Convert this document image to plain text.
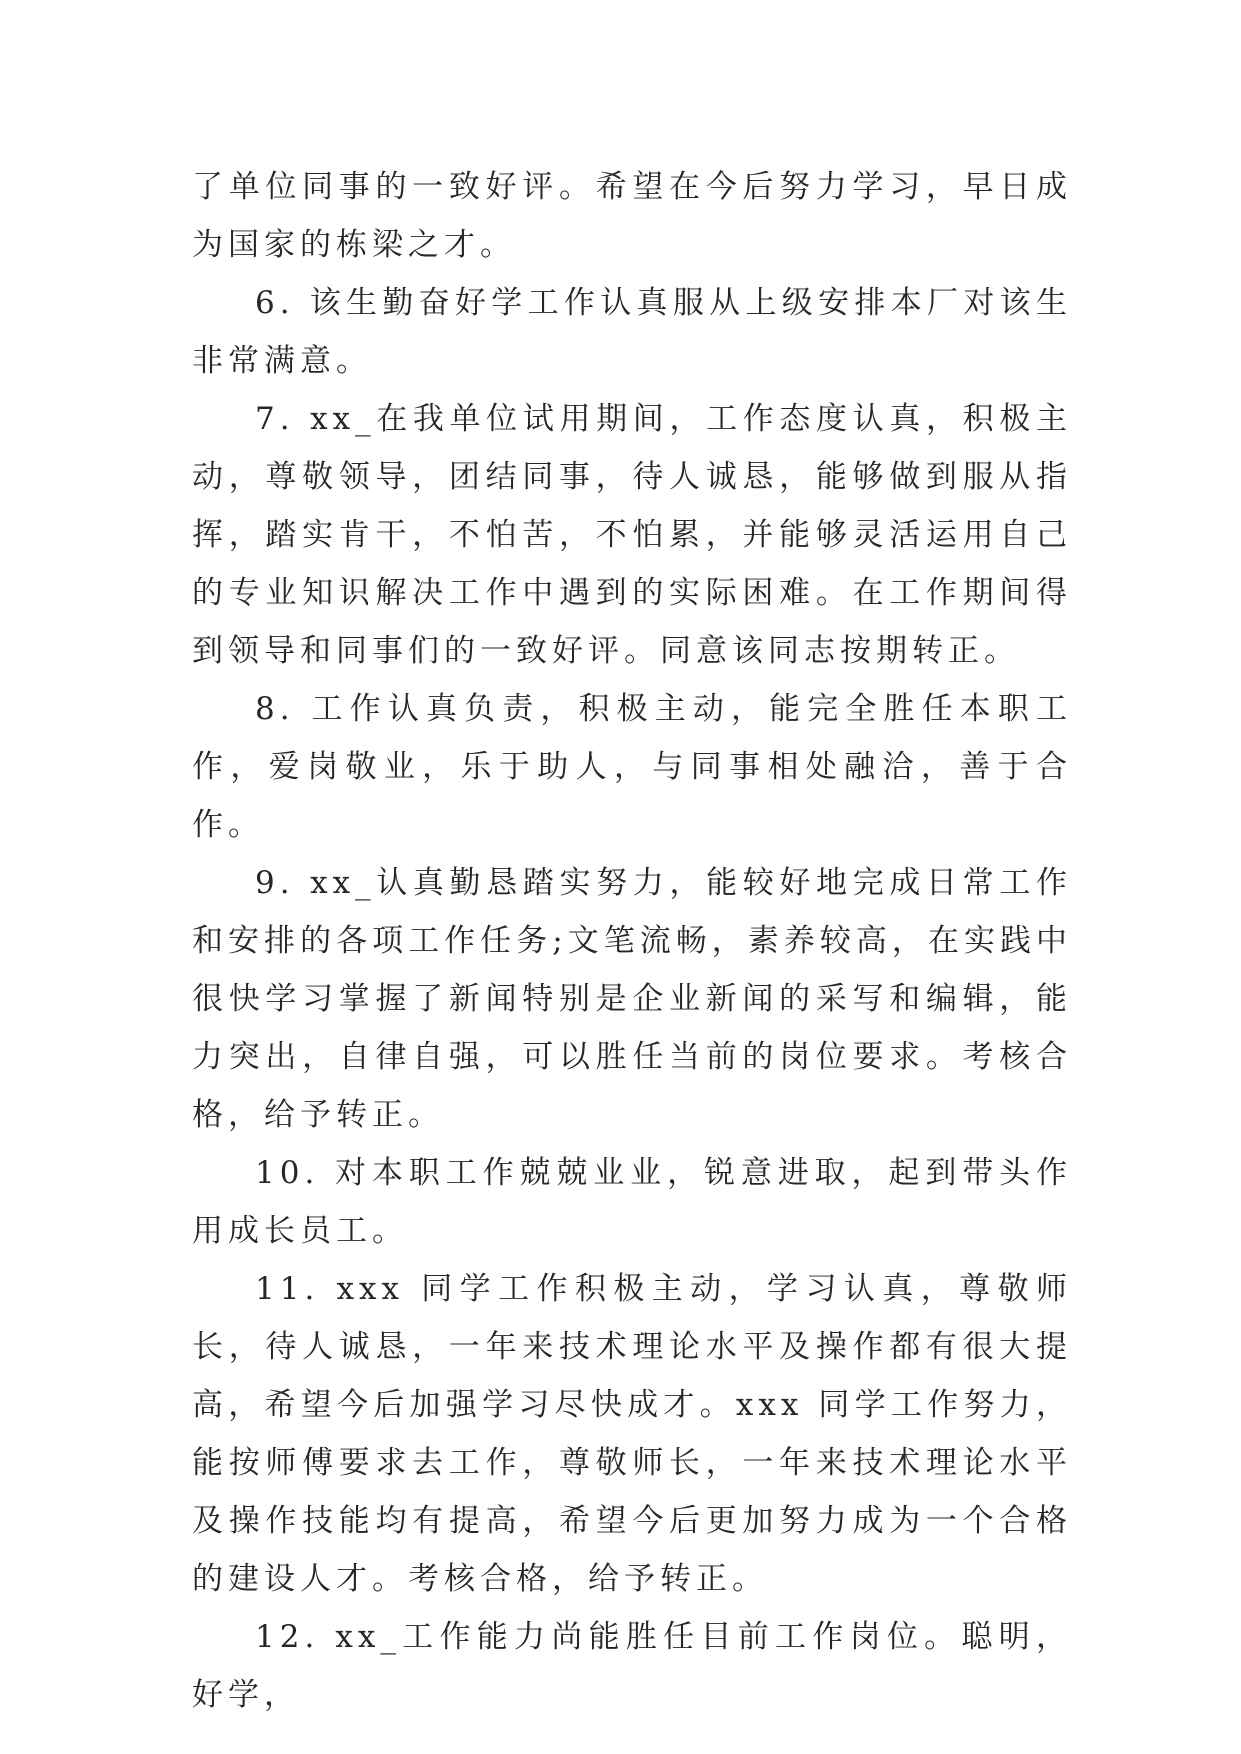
了单位同事的一致好评。希望在今后努力学习，早日成为国家的栋梁之才。

6. 该生勤奋好学工作认真服从上级安排本厂对该生非常满意。

7. xx_在我单位试用期间，工作态度认真，积极主动，尊敬领导，团结同事，待人诚恳，能够做到服从指挥，踏实肯干，不怕苦，不怕累，并能够灵活运用自己的专业知识解决工作中遇到的实际困难。在工作期间得到领导和同事们的一致好评。同意该同志按期转正。

8. 工作认真负责，积极主动，能完全胜任本职工作，爱岗敬业，乐于助人，与同事相处融洽，善于合作。

9. xx_认真勤恳踏实努力，能较好地完成日常工作和安排的各项工作任务;文笔流畅，素养较高，在实践中很快学习掌握了新闻特别是企业新闻的采写和编辑，能力突出，自律自强，可以胜任当前的岗位要求。考核合格，给予转正。

10. 对本职工作兢兢业业，锐意进取，起到带头作用成长员工。

11. xxx 同学工作积极主动，学习认真，尊敬师长，待人诚恳，一年来技术理论水平及操作都有很大提高，希望今后加强学习尽快成才。xxx 同学工作努力，能按师傅要求去工作，尊敬师长，一年来技术理论水平及操作技能均有提高，希望今后更加努力成为一个合格的建设人才。考核合格，给予转正。

12. xx_工作能力尚能胜任目前工作岗位。聪明，好学，
